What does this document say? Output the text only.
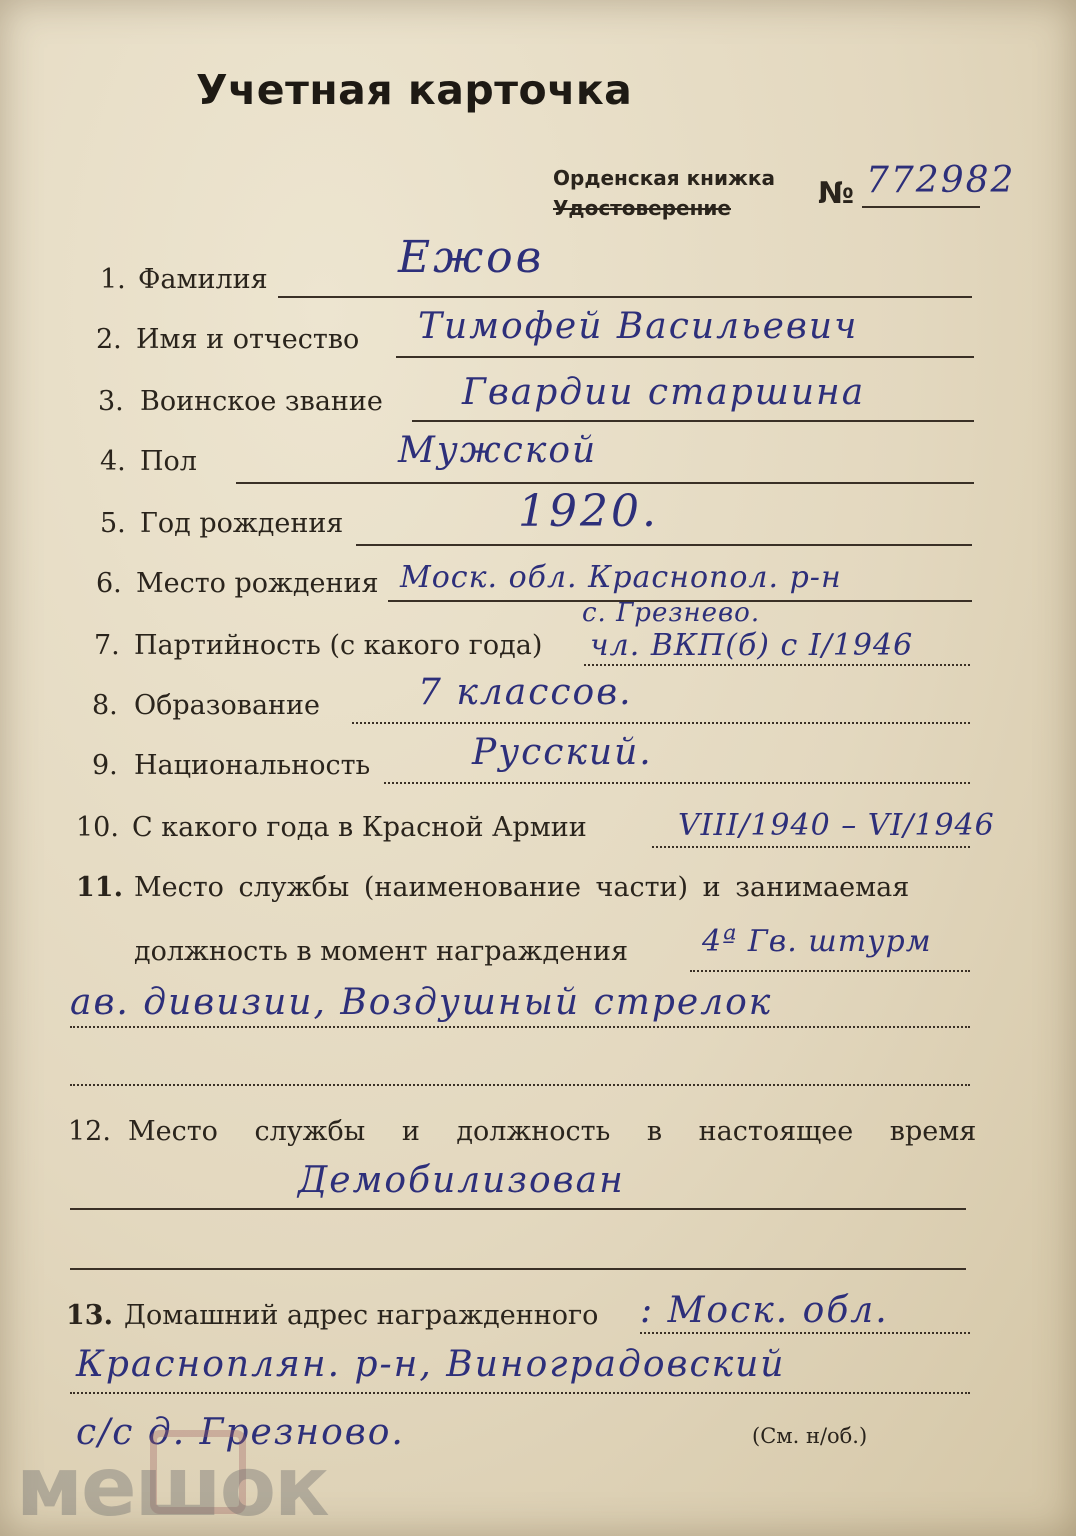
Учетная карточка
Орденская книжка
Удостоверение	№ 772982
1. Фамилия	Ежов
2. Имя и отчество Тимофей Васильевич
3. Воинское звание Гвардии старшина
4. Пол	Мужской
5. Год рождения	1920.
6. Место рождения Моск. обл. Краснопол. р-н
с. Грезнево.
7. Партийность (с какого года) чл. ВКП(б) с I/1946
8. Образование	7 классов.
9. Национальность	Русский.
10. С какого года в Красной Армии	VIII/1940 – VI/1946
11. Место службы (наименование части) и занимаемая
должность в момент награждения 4ª Гв. штурм
ав. дивизии, Воздушный стрелок
12. Место службы и должность в настоящее время
Демобилизован
13. Домашний адрес награжденного : Моск. обл.
Красноплян. р-н, Виноградовский
с/с д. Грезново.	(См. н/об.)
мешок
